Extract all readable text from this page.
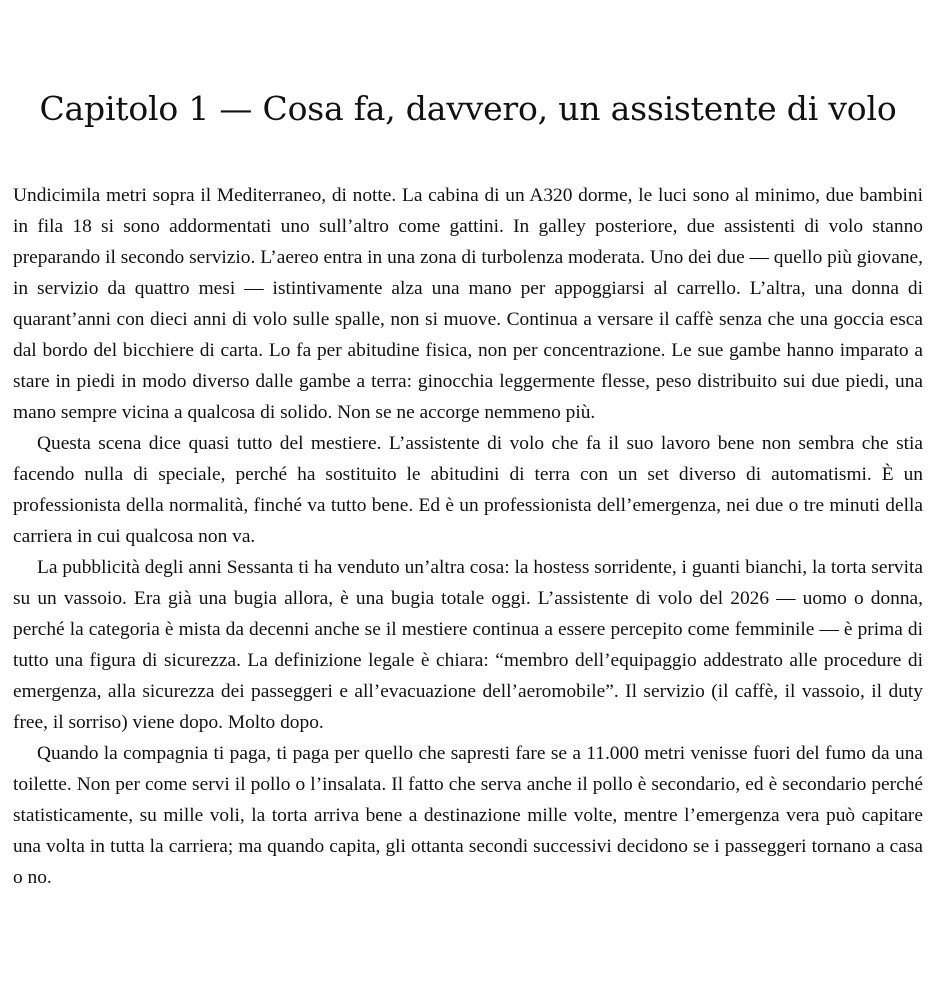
Capitolo 1 — Cosa fa, davvero, un assistente di volo

Undicimila metri sopra il Mediterraneo, di notte. La cabina di un A320 dorme, le luci sono al minimo, due bambini in fila 18 si sono addormentati uno sull’altro come gattini. In galley posteriore, due assistenti di volo stanno preparando il secondo servizio. L’aereo entra in una zona di turbolenza moderata. Uno dei due — quello più giovane, in servizio da quattro mesi — istintivamente alza una mano per appoggiarsi al carrello. L’altra, una donna di quarant’anni con dieci anni di volo sulle spalle, non si muove. Continua a versare il caffè senza che una goccia esca dal bordo del bicchiere di carta. Lo fa per abitudine fisica, non per concentrazione. Le sue gambe hanno imparato a stare in piedi in modo diverso dalle gambe a terra: ginocchia leggermente flesse, peso distribuito sui due piedi, una mano sempre vicina a qualcosa di solido. Non se ne accorge nemmeno più.

Questa scena dice quasi tutto del mestiere. L’assistente di volo che fa il suo lavoro bene non sembra che stia facendo nulla di speciale, perché ha sostituito le abitudini di terra con un set diverso di automatismi. È un professionista della normalità, finché va tutto bene. Ed è un professionista dell’emergenza, nei due o tre minuti della carriera in cui qualcosa non va.

La pubblicità degli anni Sessanta ti ha venduto un’altra cosa: la hostess sorridente, i guanti bianchi, la torta servita su un vassoio. Era già una bugia allora, è una bugia totale oggi. L’assistente di volo del 2026 — uomo o donna, perché la categoria è mista da decenni anche se il mestiere continua a essere percepito come femminile — è prima di tutto una figura di sicurezza. La definizione legale è chiara: “membro dell’equipaggio addestrato alle procedure di emergenza, alla sicurezza dei passeggeri e all’evacuazione dell’aeromobile”. Il servizio (il caffè, il vassoio, il duty free, il sorriso) viene dopo. Molto dopo.

Quando la compagnia ti paga, ti paga per quello che sapresti fare se a 11.000 metri venisse fuori del fumo da una toilette. Non per come servi il pollo o l’insalata. Il fatto che serva anche il pollo è secondario, ed è secondario perché statisticamente, su mille voli, la torta arriva bene a destinazione mille volte, mentre l’emergenza vera può capitare una volta in tutta la carriera; ma quando capita, gli ottanta secondi successivi decidono se i passeggeri tornano a casa o no.
